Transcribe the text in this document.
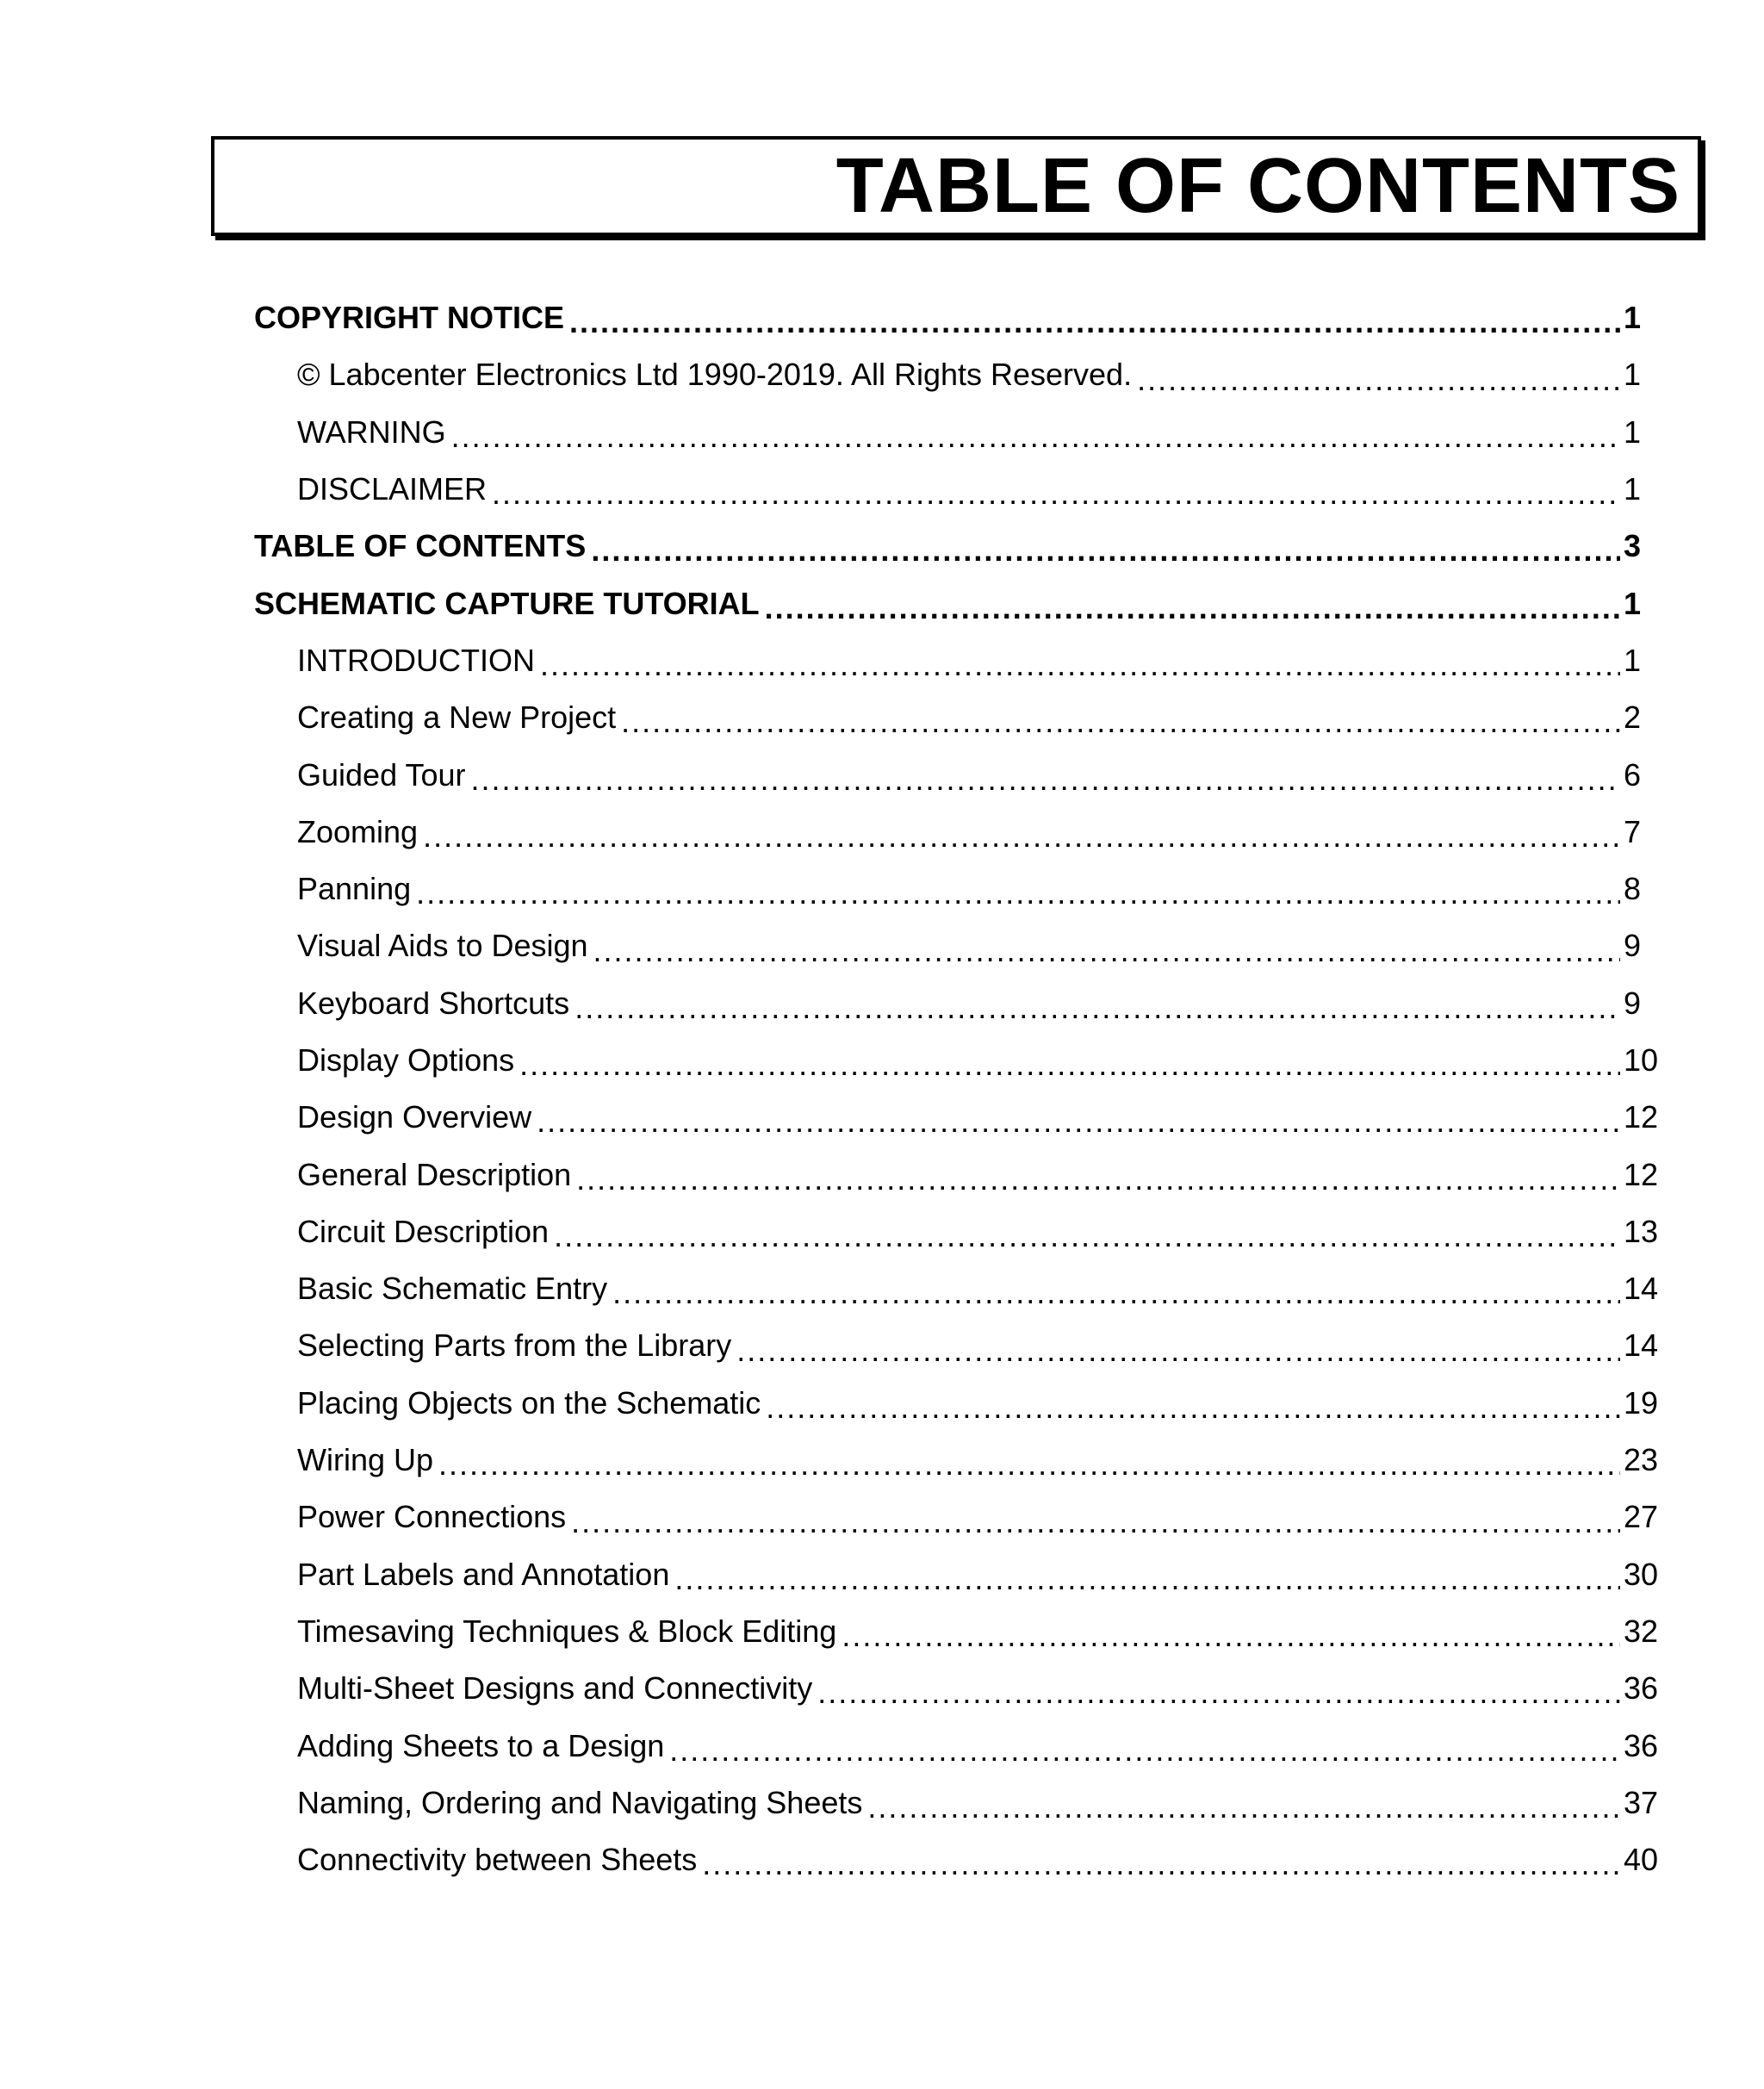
TABLE OF CONTENTS
COPYRIGHT NOTICE .....	1
© Labcenter Electronics Ltd 1990-2019. All Rights Reserved. .....	1
WARNING .....	1
DISCLAIMER .....	1
TABLE OF CONTENTS .....	3
SCHEMATIC CAPTURE TUTORIAL .....	1
INTRODUCTION .....	1
Creating a New Project .....	2
Guided Tour .....	6
Zooming .....	7
Panning .....	8
Visual Aids to Design .....	9
Keyboard Shortcuts .....	9
Display Options .....	10
Design Overview .....	12
General Description .....	12
Circuit Description .....	13
Basic Schematic Entry .....	14
Selecting Parts from the Library .....	14
Placing Objects on the Schematic .....	19
Wiring Up .....	23
Power Connections .....	27
Part Labels and Annotation .....	30
Timesaving Techniques & Block Editing .....	32
Multi-Sheet Designs and Connectivity .....	36
Adding Sheets to a Design .....	36
Naming, Ordering and Navigating Sheets .....	37
Connectivity between Sheets .....	40
